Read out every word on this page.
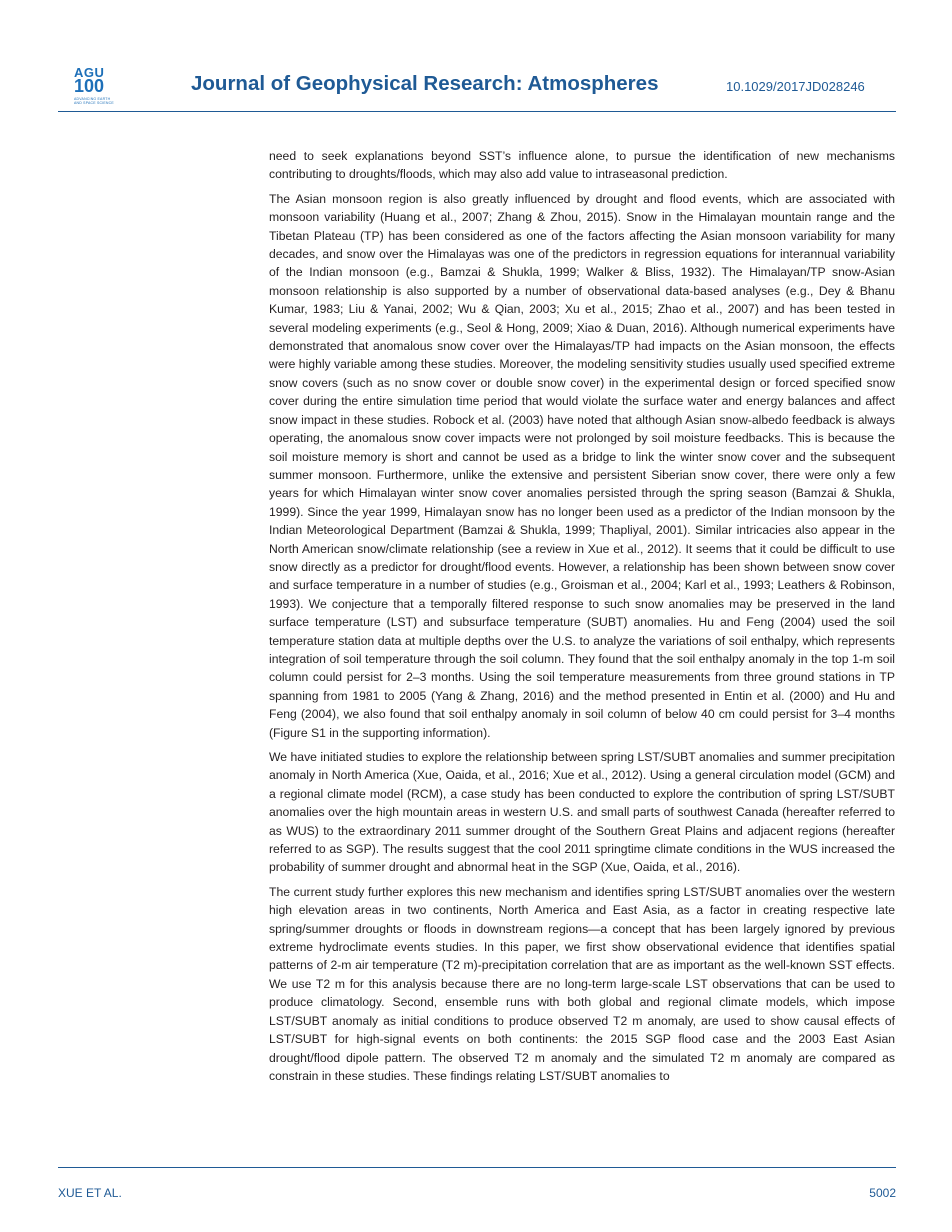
AGU
100
ADVANCING EARTH AND SPACE SCIENCE
Journal of Geophysical Research: Atmospheres	10.1029/2017JD028246

need to seek explanations beyond SST’s influence alone, to pursue the identification of new mechanisms contributing to droughts/floods, which may also add value to intraseasonal prediction.

The Asian monsoon region is also greatly influenced by drought and flood events, which are associated with monsoon variability (Huang et al., 2007; Zhang & Zhou, 2015). Snow in the Himalayan mountain range and the Tibetan Plateau (TP) has been considered as one of the factors affecting the Asian monsoon variability for many decades, and snow over the Himalayas was one of the predictors in regression equations for interannual variability of the Indian monsoon (e.g., Bamzai & Shukla, 1999; Walker & Bliss, 1932). The Himalayan/TP snow-Asian monsoon relationship is also supported by a number of observational data-based analyses (e.g., Dey & Bhanu Kumar, 1983; Liu & Yanai, 2002; Wu & Qian, 2003; Xu et al., 2015; Zhao et al., 2007) and has been tested in several modeling experiments (e.g., Seol & Hong, 2009; Xiao & Duan, 2016). Although numerical experiments have demonstrated that anomalous snow cover over the Himalayas/TP had impacts on the Asian monsoon, the effects were highly variable among these studies. Moreover, the modeling sensitivity studies usually used specified extreme snow covers (such as no snow cover or double snow cover) in the experimental design or forced specified snow cover during the entire simulation time period that would violate the surface water and energy balances and affect snow impact in these studies. Robock et al. (2003) have noted that although Asian snow-albedo feedback is always operating, the anomalous snow cover impacts were not prolonged by soil moisture feedbacks. This is because the soil moisture memory is short and cannot be used as a bridge to link the winter snow cover and the subsequent summer monsoon. Furthermore, unlike the extensive and persistent Siberian snow cover, there were only a few years for which Himalayan winter snow cover anomalies persisted through the spring season (Bamzai & Shukla, 1999). Since the year 1999, Himalayan snow has no longer been used as a predictor of the Indian monsoon by the Indian Meteorological Department (Bamzai & Shukla, 1999; Thapliyal, 2001). Similar intricacies also appear in the North American snow/climate relationship (see a review in Xue et al., 2012). It seems that it could be difficult to use snow directly as a predictor for drought/flood events. However, a relationship has been shown between snow cover and surface temperature in a number of studies (e.g., Groisman et al., 2004; Karl et al., 1993; Leathers & Robinson, 1993). We conjecture that a temporally filtered response to such snow anomalies may be preserved in the land surface temperature (LST) and subsurface temperature (SUBT) anomalies. Hu and Feng (2004) used the soil temperature station data at multiple depths over the U.S. to analyze the variations of soil enthalpy, which represents integration of soil temperature through the soil column. They found that the soil enthalpy anomaly in the top 1-m soil column could persist for 2–3 months. Using the soil temperature measurements from three ground stations in TP spanning from 1981 to 2005 (Yang & Zhang, 2016) and the method presented in Entin et al. (2000) and Hu and Feng (2004), we also found that soil enthalpy anomaly in soil column of below 40 cm could persist for 3–4 months (Figure S1 in the supporting information).

We have initiated studies to explore the relationship between spring LST/SUBT anomalies and summer precipitation anomaly in North America (Xue, Oaida, et al., 2016; Xue et al., 2012). Using a general circulation model (GCM) and a regional climate model (RCM), a case study has been conducted to explore the contribution of spring LST/SUBT anomalies over the high mountain areas in western U.S. and small parts of southwest Canada (hereafter referred to as WUS) to the extraordinary 2011 summer drought of the Southern Great Plains and adjacent regions (hereafter referred to as SGP). The results suggest that the cool 2011 springtime climate conditions in the WUS increased the probability of summer drought and abnormal heat in the SGP (Xue, Oaida, et al., 2016).

The current study further explores this new mechanism and identifies spring LST/SUBT anomalies over the western high elevation areas in two continents, North America and East Asia, as a factor in creating respective late spring/summer droughts or floods in downstream regions—a concept that has been largely ignored by previous extreme hydroclimate events studies. In this paper, we first show observational evidence that identifies spatial patterns of 2-m air temperature (T2 m)-precipitation correlation that are as important as the well-known SST effects. We use T2 m for this analysis because there are no long-term large-scale LST observations that can be used to produce climatology. Second, ensemble runs with both global and regional climate models, which impose LST/SUBT anomaly as initial conditions to produce observed T2 m anomaly, are used to show causal effects of LST/SUBT for high-signal events on both continents: the 2015 SGP flood case and the 2003 East Asian drought/flood dipole pattern. The observed T2 m anomaly and the simulated T2 m anomaly are compared as constrain in these studies. These findings relating LST/SUBT anomalies to

XUE ET AL.	5002
